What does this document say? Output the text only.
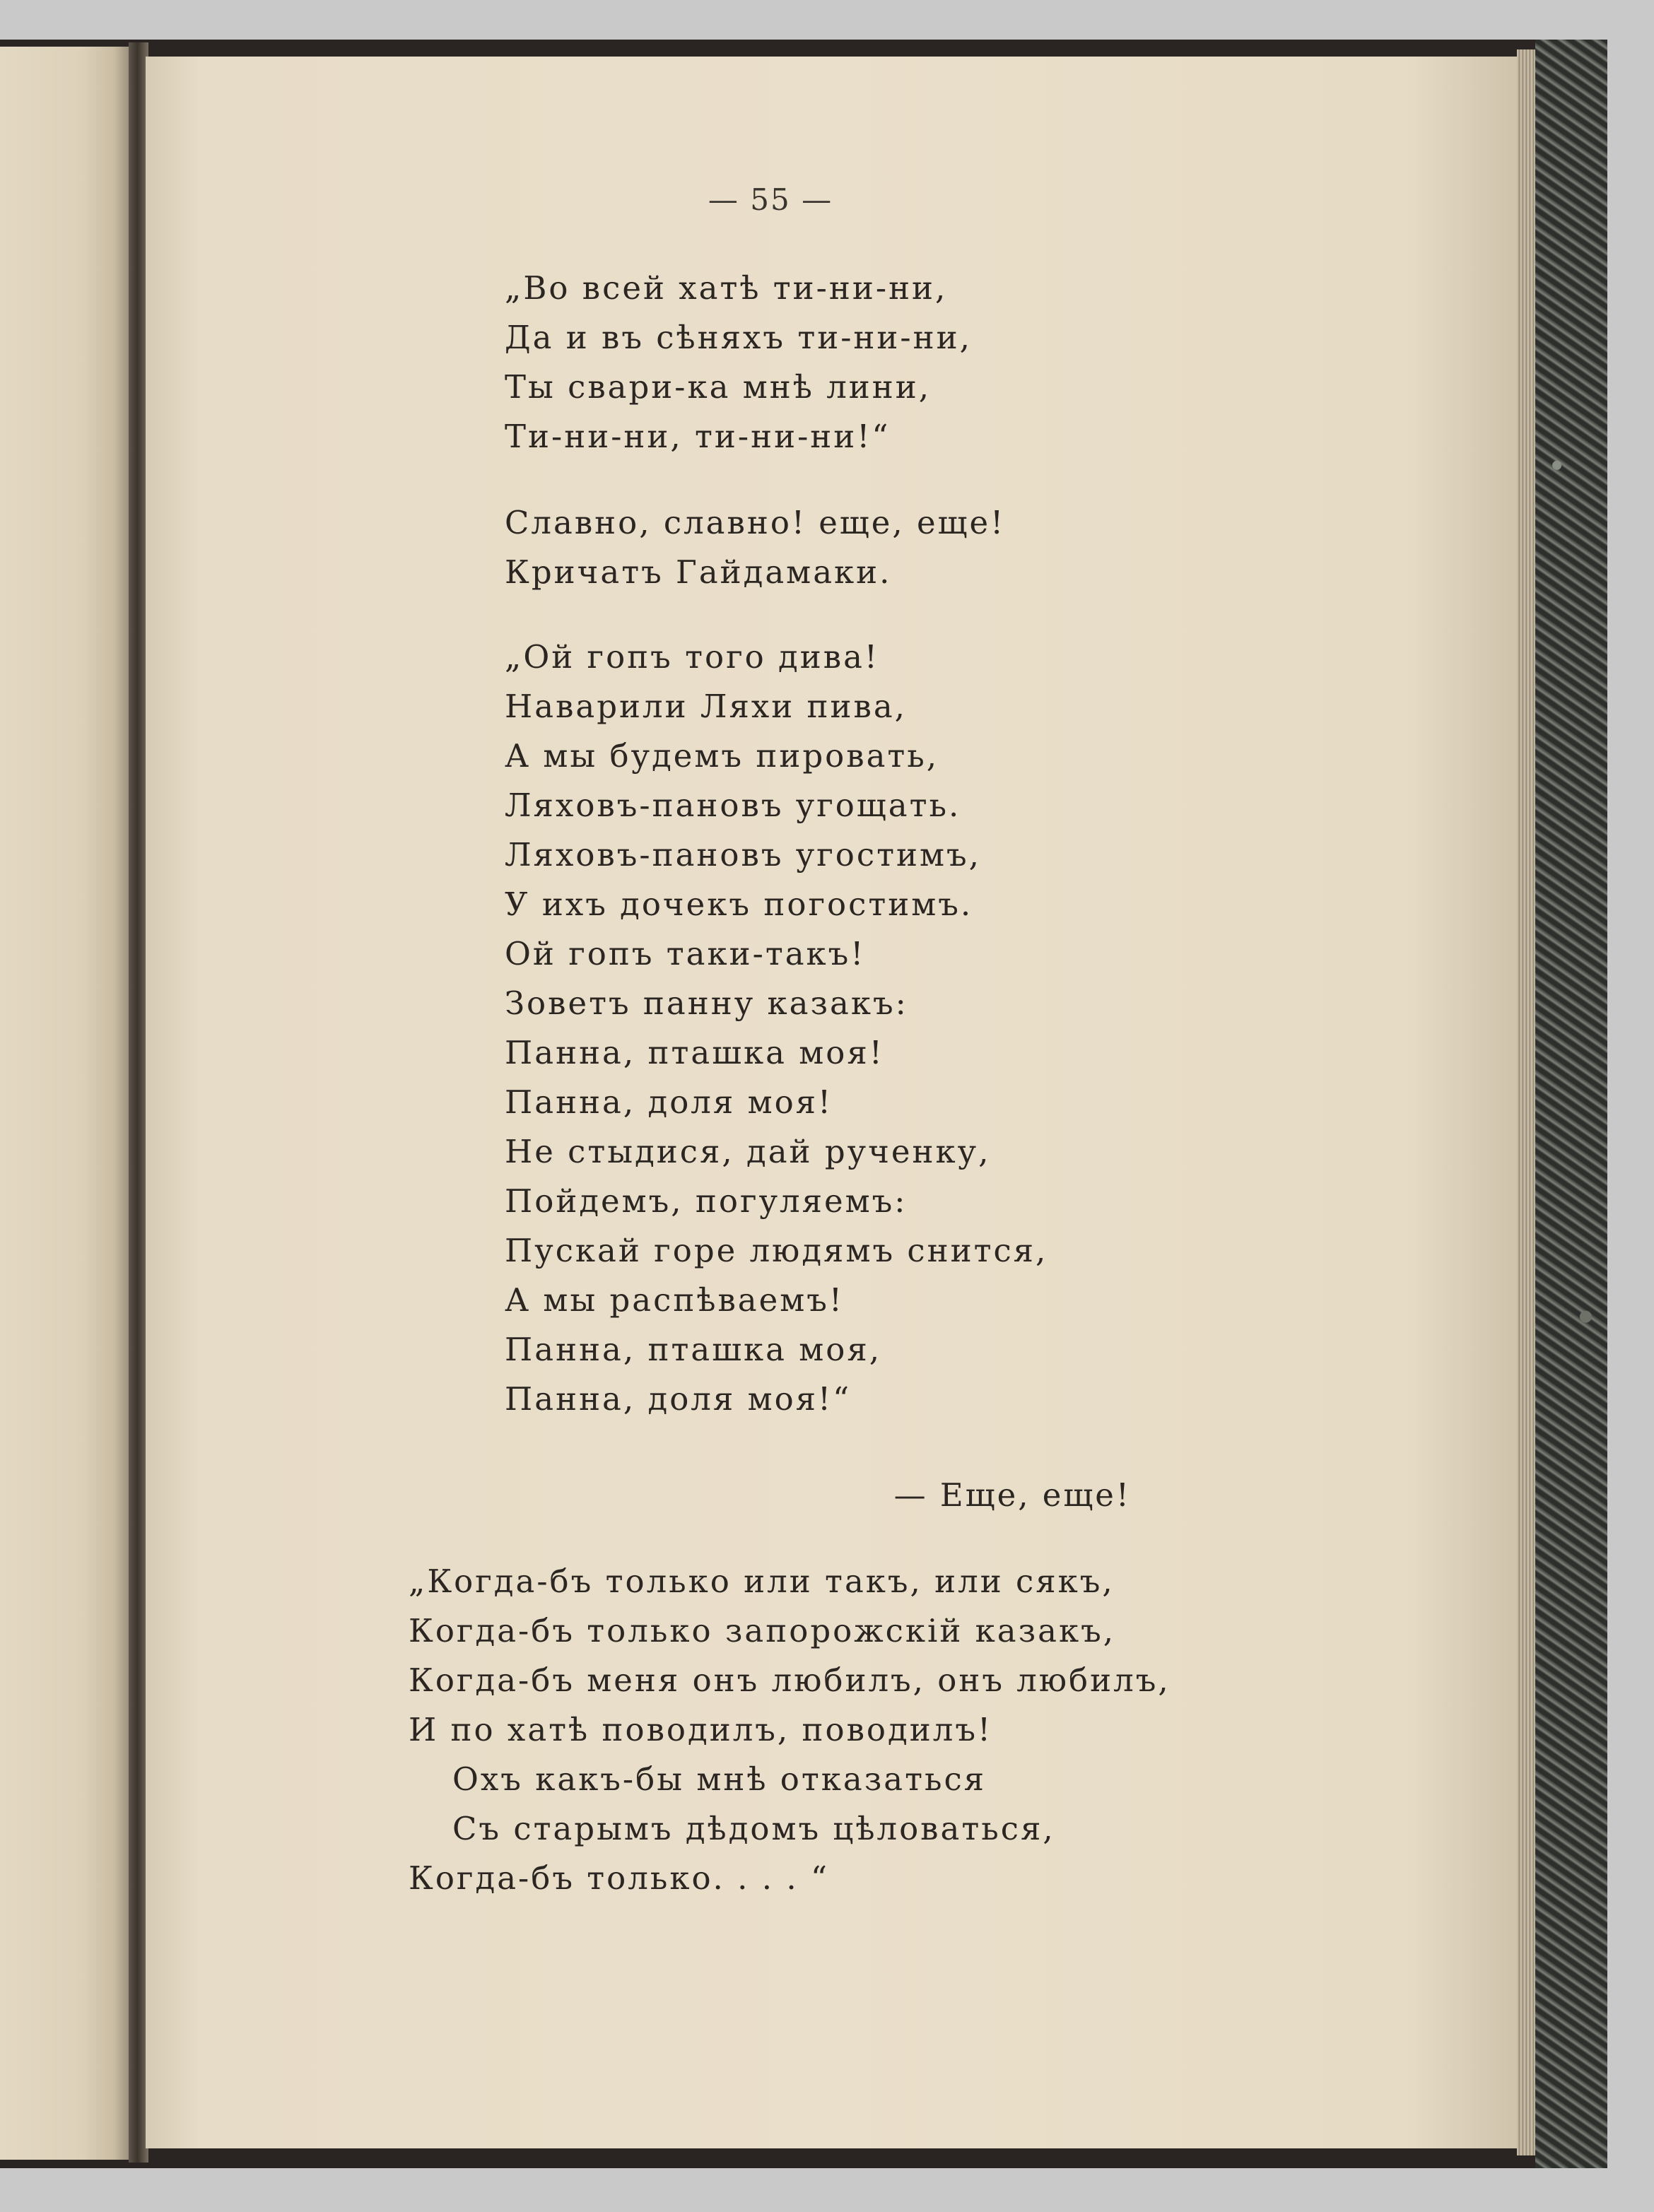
— 55 —
„Во всей хатѣ ти-ни-ни,
Да и въ сѣняхъ ти-ни-ни,
Ты свари-ка мнѣ лини,
Ти-ни-ни, ти-ни-ни!“
Славно, славно! еще, еще!
Кричатъ Гайдамаки.
„Ой гопъ того дива!
Наварили Ляхи пива,
А мы будемъ пировать,
Ляховъ-пановъ угощать.
Ляховъ-пановъ угостимъ,
У ихъ дочекъ погостимъ.
Ой гопъ таки-такъ!
Зоветъ панну казакъ:
Панна, пташка моя!
Панна, доля моя!
Не стыдися, дай рученку,
Пойдемъ, погуляемъ:
Пускай горе людямъ снится,
А мы распѣваемъ!
Панна, пташка моя,
Панна, доля моя!“
— Еще, еще!
„Когда-бъ только или такъ, или сякъ,
Когда-бъ только запорожскій казакъ,
Когда-бъ меня онъ любилъ, онъ любилъ,
И по хатѣ поводилъ, поводилъ!
Охъ какъ-бы мнѣ отказаться
Съ старымъ дѣдомъ цѣловаться,
Когда-бъ только. . . . “
